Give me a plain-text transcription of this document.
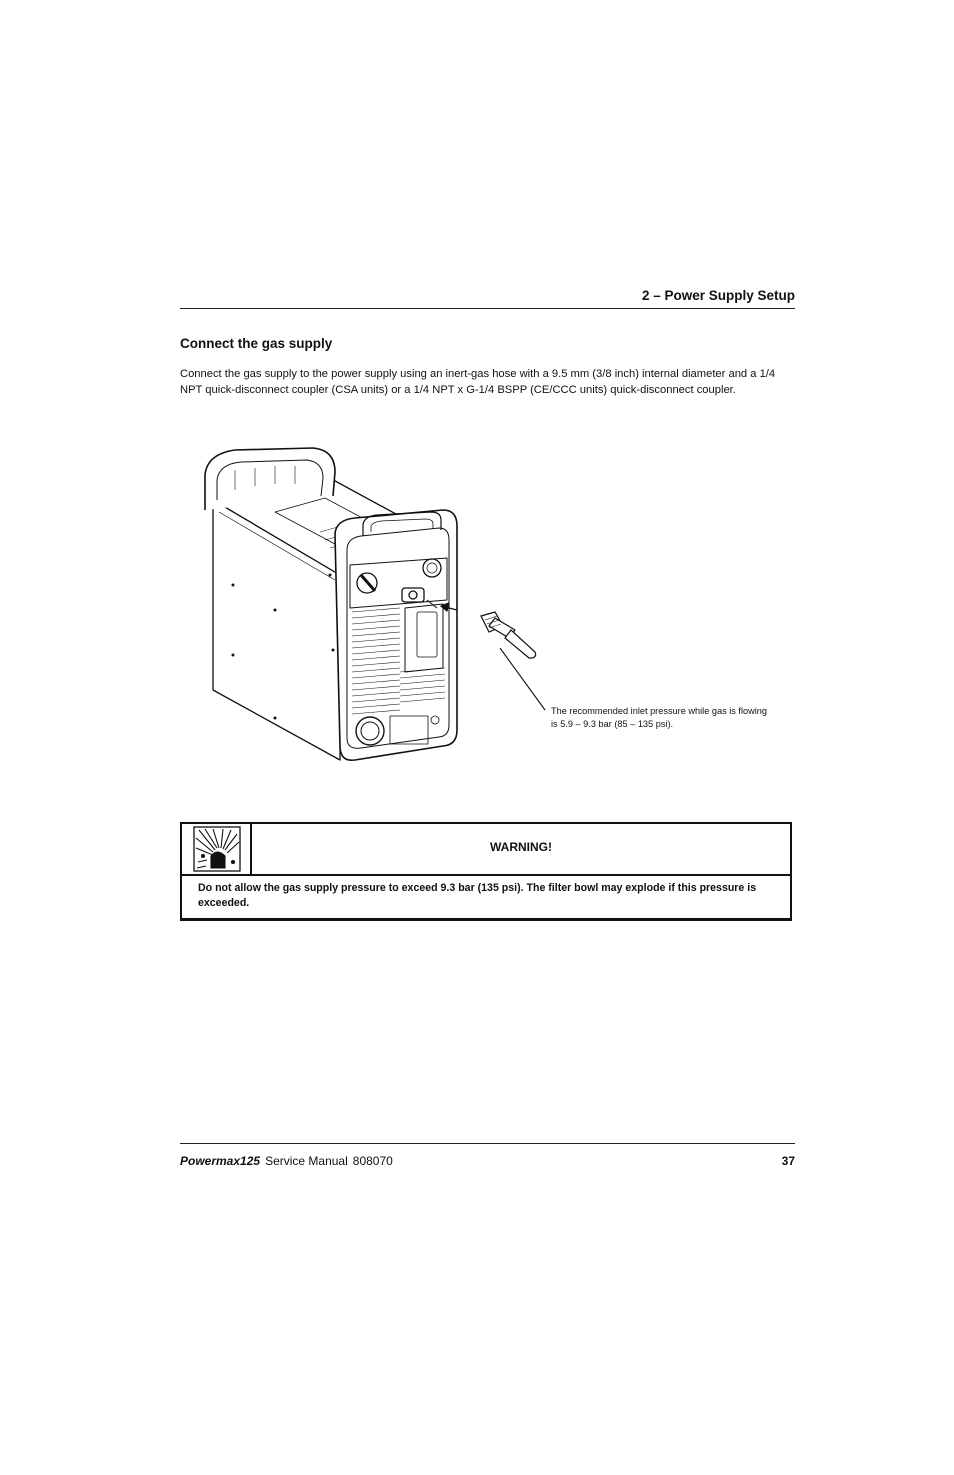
2 – Power Supply Setup
Connect the gas supply

Connect the gas supply to the power supply using an inert-gas hose with a 9.5 mm (3/8 inch) internal diameter and a 1/4 NPT quick-disconnect coupler (CSA units) or a 1/4 NPT x G-1/4 BSPP (CE/CCC units) quick-disconnect coupler.

The recommended inlet pressure while gas is flowing is 5.9 – 9.3 bar (85 – 135 psi).

WARNING!

Do not allow the gas supply pressure to exceed 9.3 bar (135 psi). The filter bowl may explode if this pressure is exceeded.

Powermax125 Service Manual 808070	37
